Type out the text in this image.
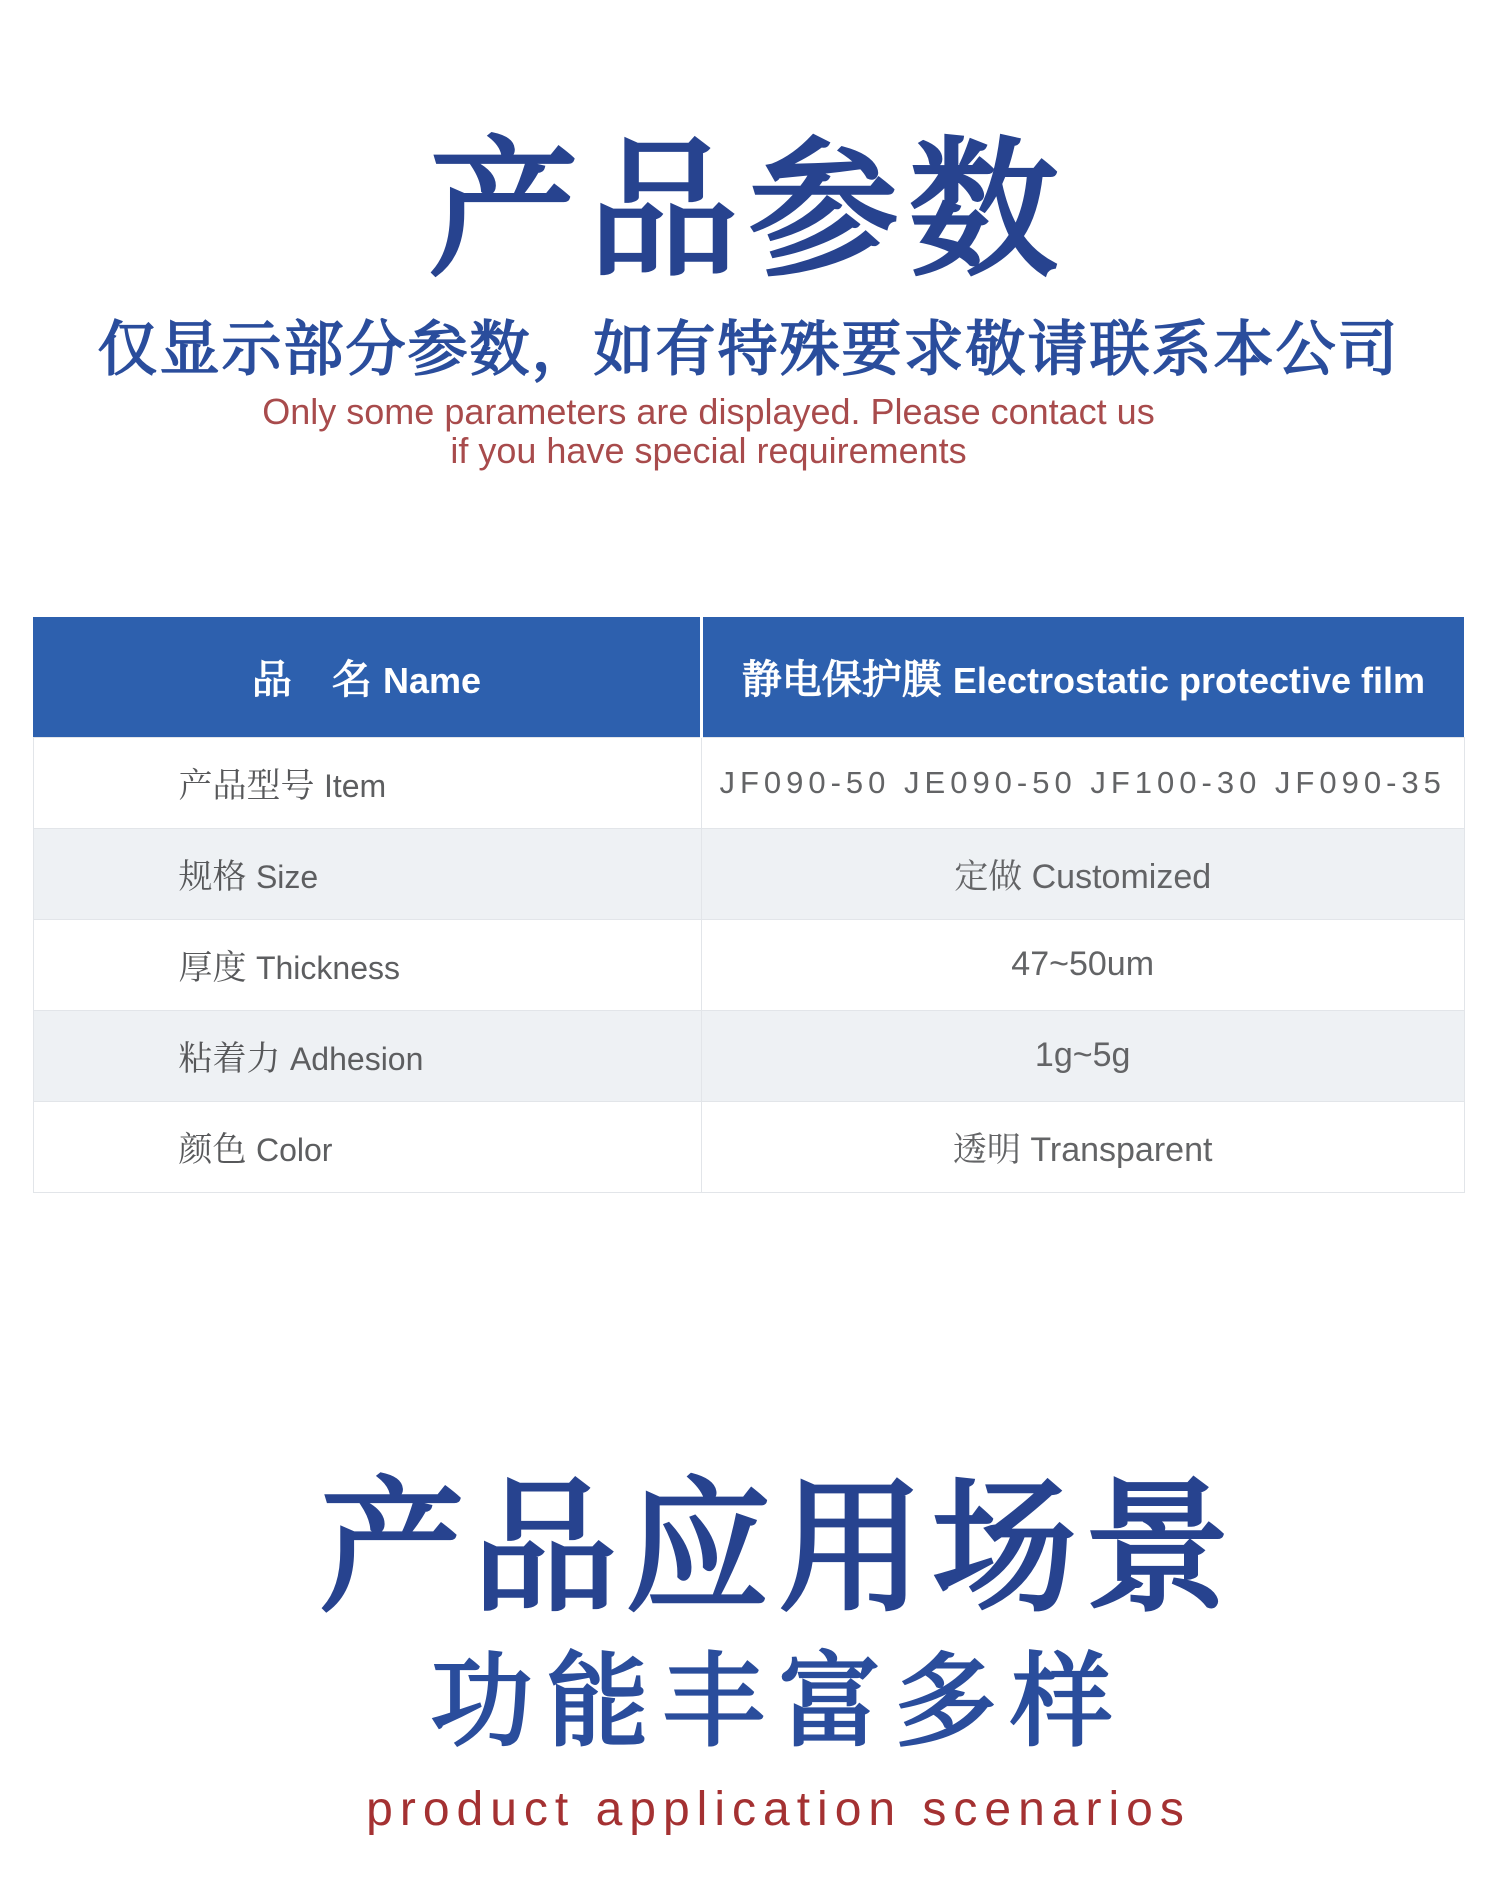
产品参数
仅显示部分参数，如有特殊要求敬请联系本公司

Only some parameters are displayed. Please contact us
if you have special requirements

品　名 Name	静电保护膜 Electrostatic protective film
产品型号 Item	JF090-50 JE090-50 JF100-30 JF090-35
规格 Size	定做 Customized
厚度 Thickness	47~50um
粘着力 Adhesion	1g~5g
颜色 Color	透明 Transparent
产品应用场景
功能丰富多样

product application scenarios
